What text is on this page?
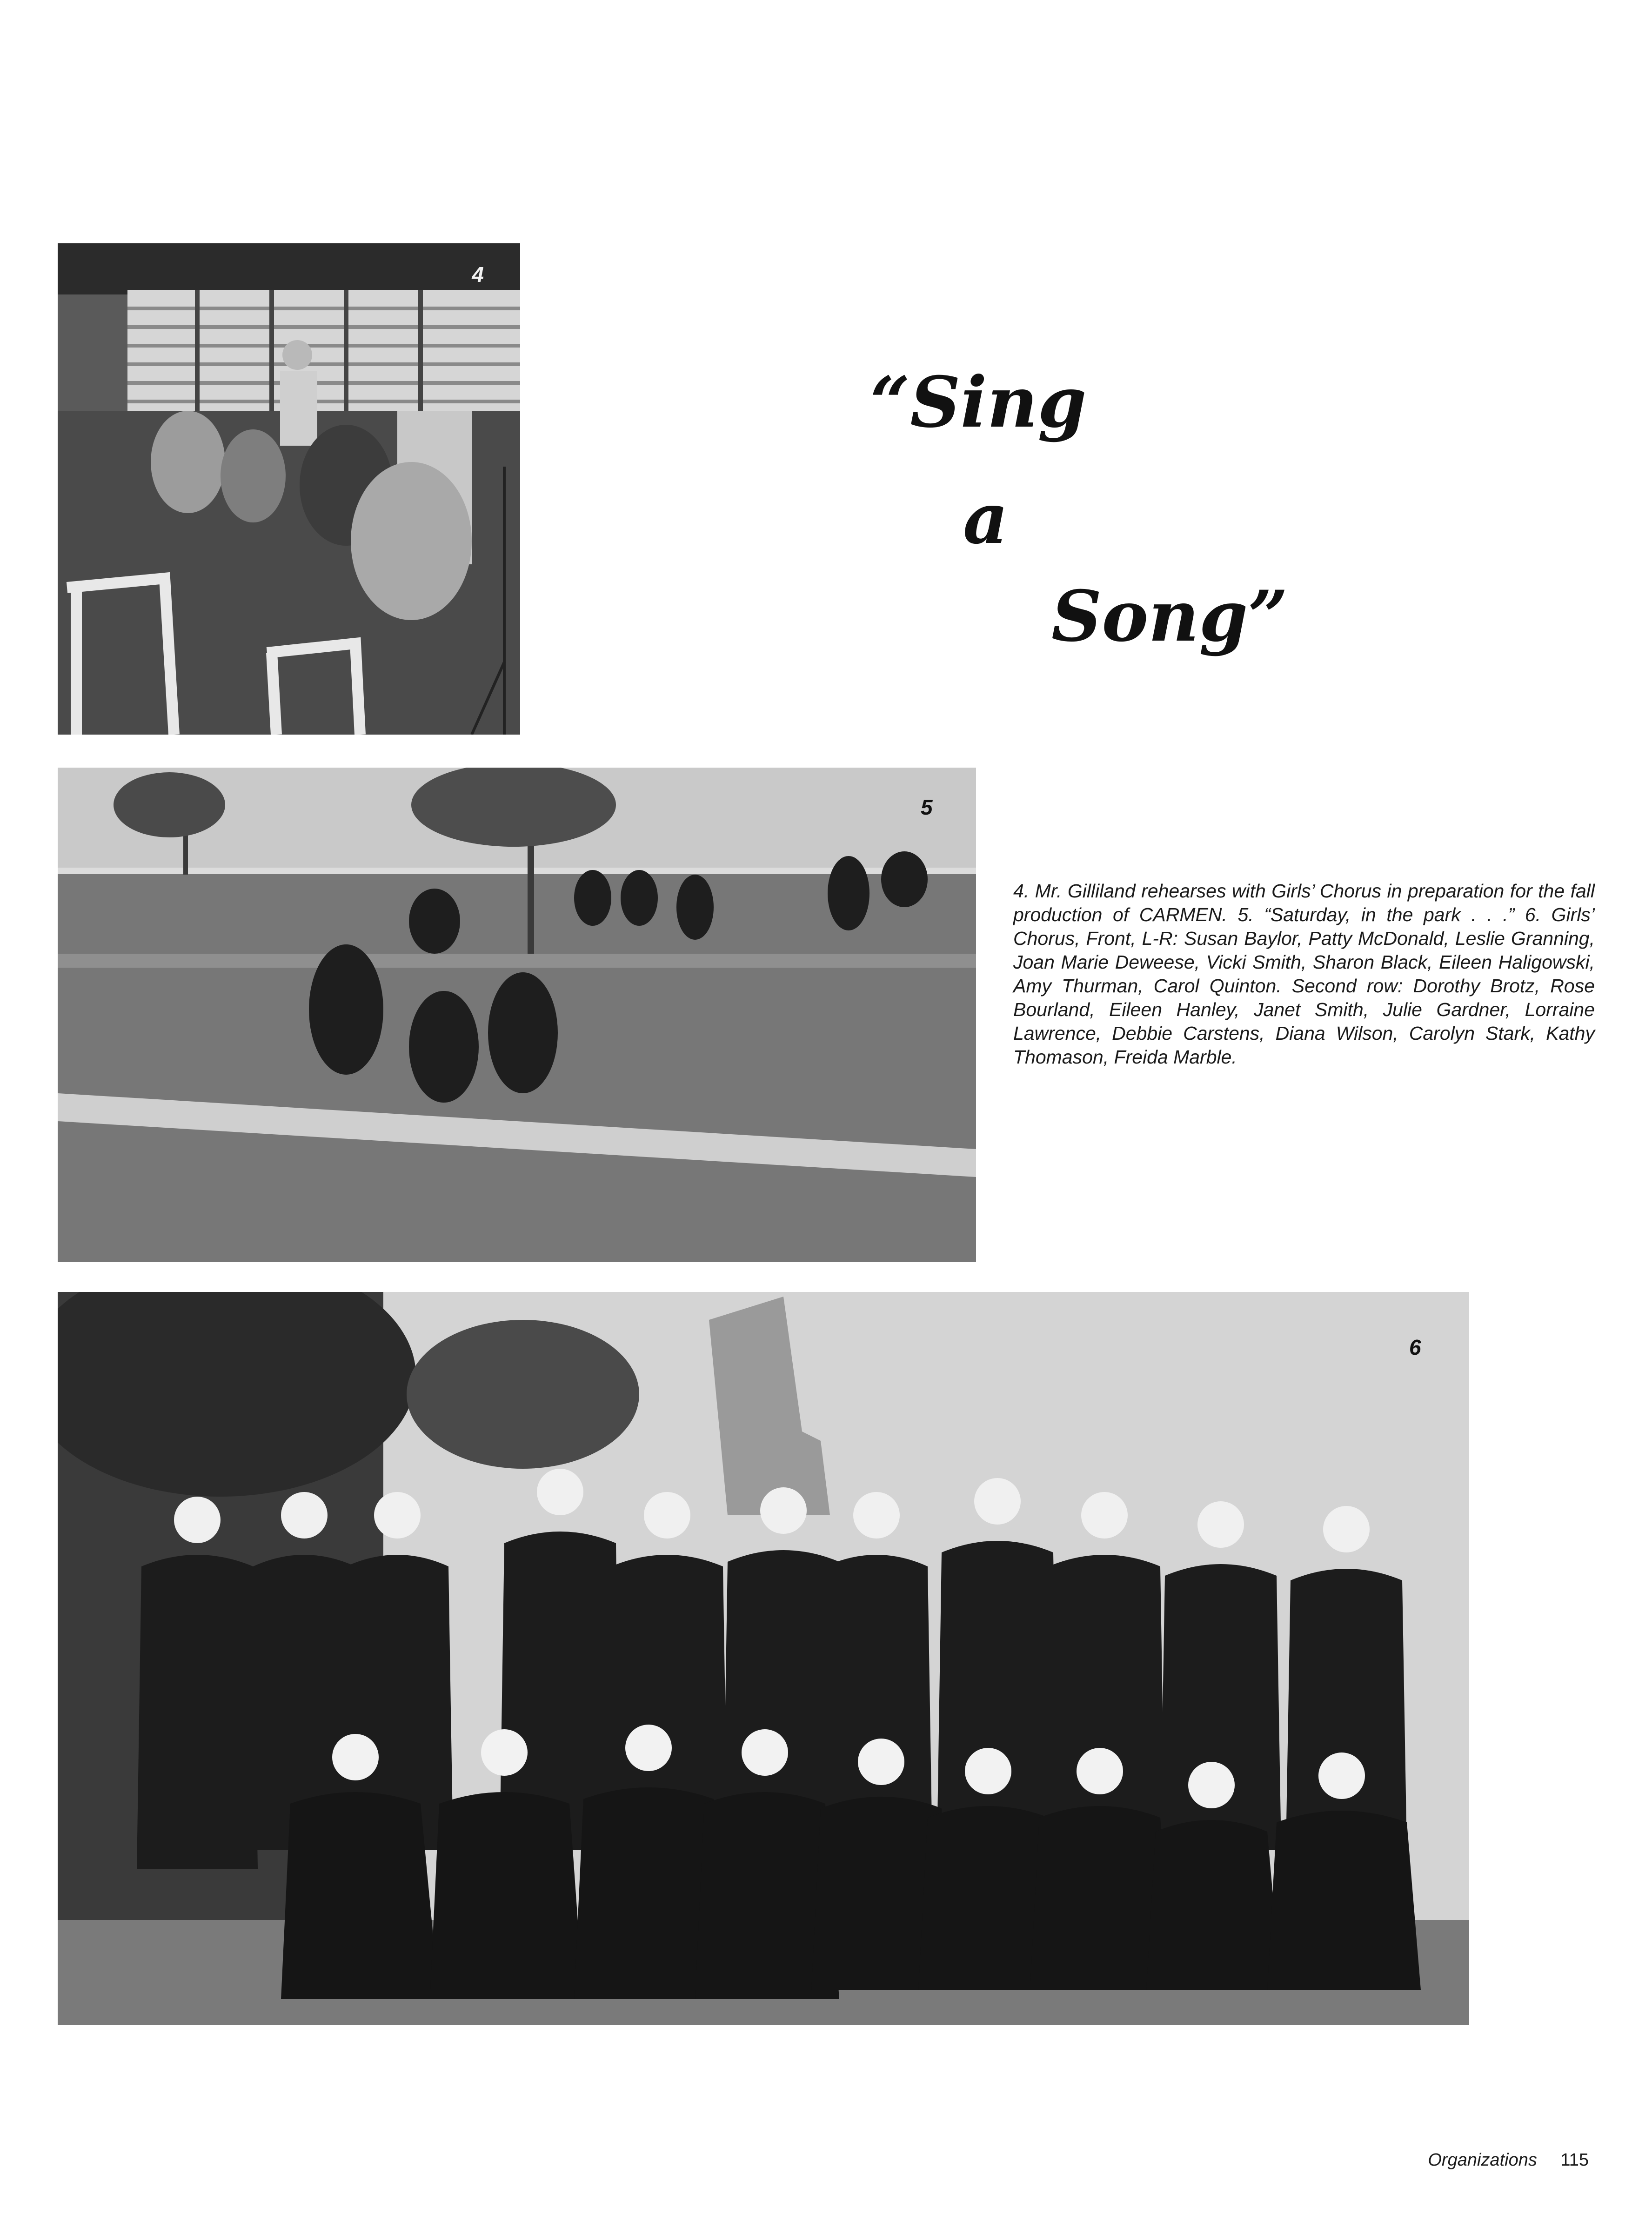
4
“Sing
a
Song”
5

4. Mr. Gilliland rehearses with Girls’ Chorus in preparation for the fall production of CARMEN. 5. “Saturday, in the park . . .” 6. Girls’ Chorus, Front, L-R: Susan Baylor, Patty McDonald, Leslie Granning, Joan Marie Deweese, Vicki Smith, Sharon Black, Eileen Haligowski, Amy Thurman, Carol Quinton. Second row: Dorothy Brotz, Rose Bourland, Eileen Hanley, Janet Smith, Julie Gardner, Lorraine Lawrence, Debbie Carstens, Diana Wilson, Carolyn Stark, Kathy Thomason, Freida Marble.

6
Organizations 115
